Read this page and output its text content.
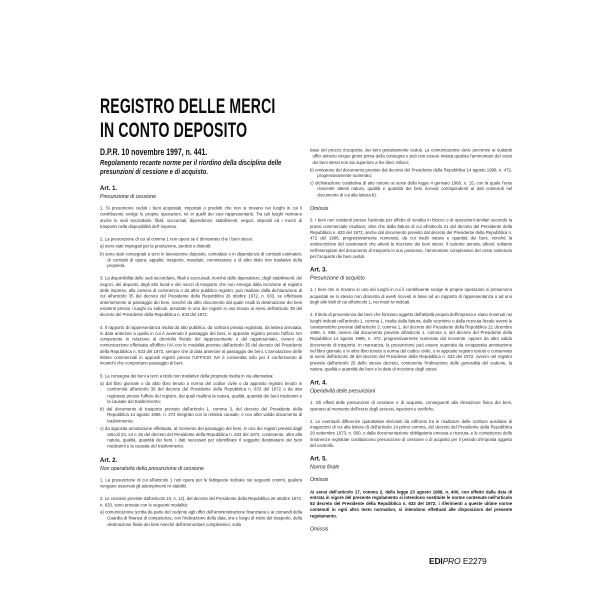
REGISTRO DELLE MERCI
IN CONTO DEPOSITO
D.P.R. 10 novembre 1997, n. 441.
Regolamento recante norme per il riordino della disciplina delle
presunzioni di cessione e di acquisto.
Art. 1.
Presunzione di cessione
1. Si presumono ceduti i beni acquistati, importati o prodotti che non si trovano nei luoghi in cui il contribuente svolge le proprie operazioni, né in quelli dei suoi rappresentanti. Tra tali luoghi rientrano anche le sedi secondarie, filiali, succursali, dipendenze, stabilimenti, negozi, depositi ed i mezzi di trasporto nella disponibilità dell' impresa.
2. La presunzione di cui al comma 1 non opera se è dimostrato che i beni stessi:
a) sono stati impiegati per la produzione, perduti o distrutti:
b) sono stati consegnati a terzi in lavorazione deposito, comodato o in dipendenza di contratti estimatori, di contratti di opera, appalto, trasporto, mandato, commissione o di altro titolo non traslativo della proprietà.
3. La disponibilità delle sedi secondarie, filiali o succursali, nonché delle dipendenze, degli stabilimenti, dei negozi, dei depositi, degli altri locali e dei mezzi di trasporto che non emerga dalla iscrizione al registro delle imprese, alla camera di commercio o da altro pubblico registro, può risultare dalla dichiarazione di cui all'articolo 35 del decreto del Presidente della Repubblica 26 ottobre 1972, n. 633, se effettuata anteriormente al passaggio dei beni, nonché da altro documento dal quale risulti la destinazione dei beni esistenti presso i luoghi su indicati, annotato in uno dei registri in uso tenuto ai sensi dell'articolo 39 del decreto del Presidente della Repubblica n. 633 del 1972.
4. Il rapporto di rappresentanza risulta da atto pubblico, da scrittura privata registrata, da lettera annotata, in data anteriore a quella in cui è avvenuto il passaggio dei beni, in apposito registro presso l'ufficio IVA competente in relazione al domicilio fiscale del rappresentante o del rappresentato, ovvero da comunicazione effettuata all'ufficio IVA con le modalità previste dall'articolo 35 del decreto del Presidente della Repubblica n. 633 del 1972, sempre che di data anteriore al passaggio dei beni. L'annotazione delle lettere commerciali in appositi registri presso l'UFFICIO IVA è consentita solo per il conferimento di incarichi che comportano passaggio di beni.
5. La consegna dei beni a terzi a titolo non traslativo della proprietà risulta in via alternativa:
a) dal libro giornale o da altro libro tenuto a norma del codice civile o da apposito registro tenuto in conformità all'articolo 39 del decreto del Presidente della Repubblica n. 633 del 1972 o da atto registrato presso l'ufficio del registro, dai quali risultino la natura, qualità, quantità dei beni medesimi e la causale del trasferimento;
b) dal documento di trasporto previsto dall'articolo 1, comma 3, del decreto del Presidente della Repubblica 14 agosto 1996, n. 472 integrato con la relativa causale, o con altro valido documento di trasferimento;
c) da apposita annotazione effettuata, al momento del passaggio dei beni, in uno dei registri previsti dagli articoli 23, 24 e 25 del decreto del Presidente della Repubblica n. 633 del 1972, contenente, oltre alla natura, qualità, quantità dei beni, i dati necessari per identificare il soggetto destinatario dei beni medesimi e la causale del trasferimento.
Art. 2.
Non operatività della presunzione di cessione
1. La presunzione di cui all'articolo 1 non opera per le fattispecie indicate nei seguenti commi, qualora vengano osservati gli adempimenti ivi stabiliti.
2. Le cessioni previste dall'articolo 10, n. 12), del decreto del Presidente della Repubblica 26 ottobre 1972, n. 633, sono provate con le seguenti modalità:
a) comunicazione scritta da parte del cedente agli uffici dell'amministrazione finanziaria e ai comandi della Guardia di finanza di competenza, con l'indicazione della data, ora e luogo di inizio del trasporto, della destinazione finale dei beni nonché dell'ammontare complessivo, sulla
base del prezzo d'acquisto, dei beni gratuitamente ceduti. La comunicazione deve pervenire ai suddetti uffici almeno cinque giorni prima della consegna e può non essere inviata qualora l'ammontare del costo dei beni stessi non sia superiore a lire dieci milioni;
b) emissione del documento previsto dal decreto del Presidente della Repubblica 14 agosto 1996, n. 472, progressivamente numerato;
c) dichiarazione costitutiva di atto notorio ai sensi della legge 4 gennaio 1968, n. 15, con la quale l'ente ricevente attesti natura, qualità e quantità dei beni ricevuti corrispondenti ai dati contenuti nel documento di cui alla lettera b).
Omissis
5. I beni non esistenti presso l'azienda per effetto di vendita in blocco o di operazioni similari secondo la prassi commerciale risultano, oltre che dalla fattura di cui all'articolo 21 del decreto del Presidente della Repubblica n. 633 del 1972, anche dal documento previsto dal decreto del Presidente della Repubblica n. 472 del 1996, progressivamente numerato, da cui risulti natura e quantità dei beni, nonché la sottoscrizione del cessionario che attesti la ricezione dei beni stessi. Il cedente annota, altresì, soltanto nell'esemplare del documento di trasporto in suo possesso, l'ammontare complessivo del costo sostenuto per l'acquisto dei beni ceduti.
Art. 3.
Presunzione di acquisto
1. I beni che si trovano in uno dei luoghi in cui il contribuente svolge le proprie operazioni si presumono acquistati se lo stesso non dimostra di averli ricevuti in base ad un rapporto di rappresentanza o ad uno degli altri titoli di cui all'articolo 1, nei modi ivi indicati.
2. Il titolo di provenienza dei beni che formano oggetto dell'attività propria dell'impresa e siano rinvenuti nei luoghi indicati nell'articolo 1, comma 1, risulta dalla fattura, dallo scontrino o dalla ricevuta fiscale aventi le caratteristiche previste dall'articolo 3, comma 1, del decreto del Presidente della Repubblica 21 dicembre 1996, n. 696, ovvero dal documento previsto all'articolo 1, comma 3, del decreto del Presidente della Repubblica 14 agosto 1996, n. 472, progressivamente numerato dal ricevente, oppure da altro valido documento di trasporto. In mancanza, la presunzione può essere superata da un'apposita annotazione nel libro giornale o in altro libro tenuto a norma del codice civile, o in apposito registro tenuto e conservato ai sensi dell'articolo 39 del decreto del Presidente della Repubblica n. 633 del 1972, ovvero nel registro previsto dall'articolo 25 dello stesso decreto, contenente l'indicazione delle generalità del cedente, la natura, qualità e quantità dei beni e la data di ricezione degli stessi.
Art. 4.
Operatività delle presunzioni
1. Gli effetti delle presunzioni di cessione e di acquisto, conseguenti alla rilevazione fisica dei beni, operano al momento dell'inizio degli accessi, ispezioni e verifiche.
2. Le eventuali differenze quantitative derivanti da raffronto tra le risultanze delle scritture ausiliarie di magazzino di cui alla lettera d) dell'articolo 14 primo comma, del decreto del Presidente della Repubblica 29 settembre 1973, n. 600, o dalla documentazione obbligatoria emessa e ricevuta, e le consistenze delle rimanenze registrate costituiscono presunzione di cessione o di acquisto per il periodo d'imposta oggetto del controllo.
Art. 5.
Norma finale
Omissis
Ai sensi dell'articolo 17, comma 2, della legge 23 agosto 1988, n. 400, con effetto dalla data di entrata in vigore del presente regolamento si intendono sostituite le norme contenute nell'articolo 53 decreto del Presidente della Repubblica n. 633 del 1972; i riferimenti a queste ultime norme contenuti in ogni altro testo normativo, si intendono effettuati alle disposizioni del presente regolamento.
Omissis
EDIPRO E2279
